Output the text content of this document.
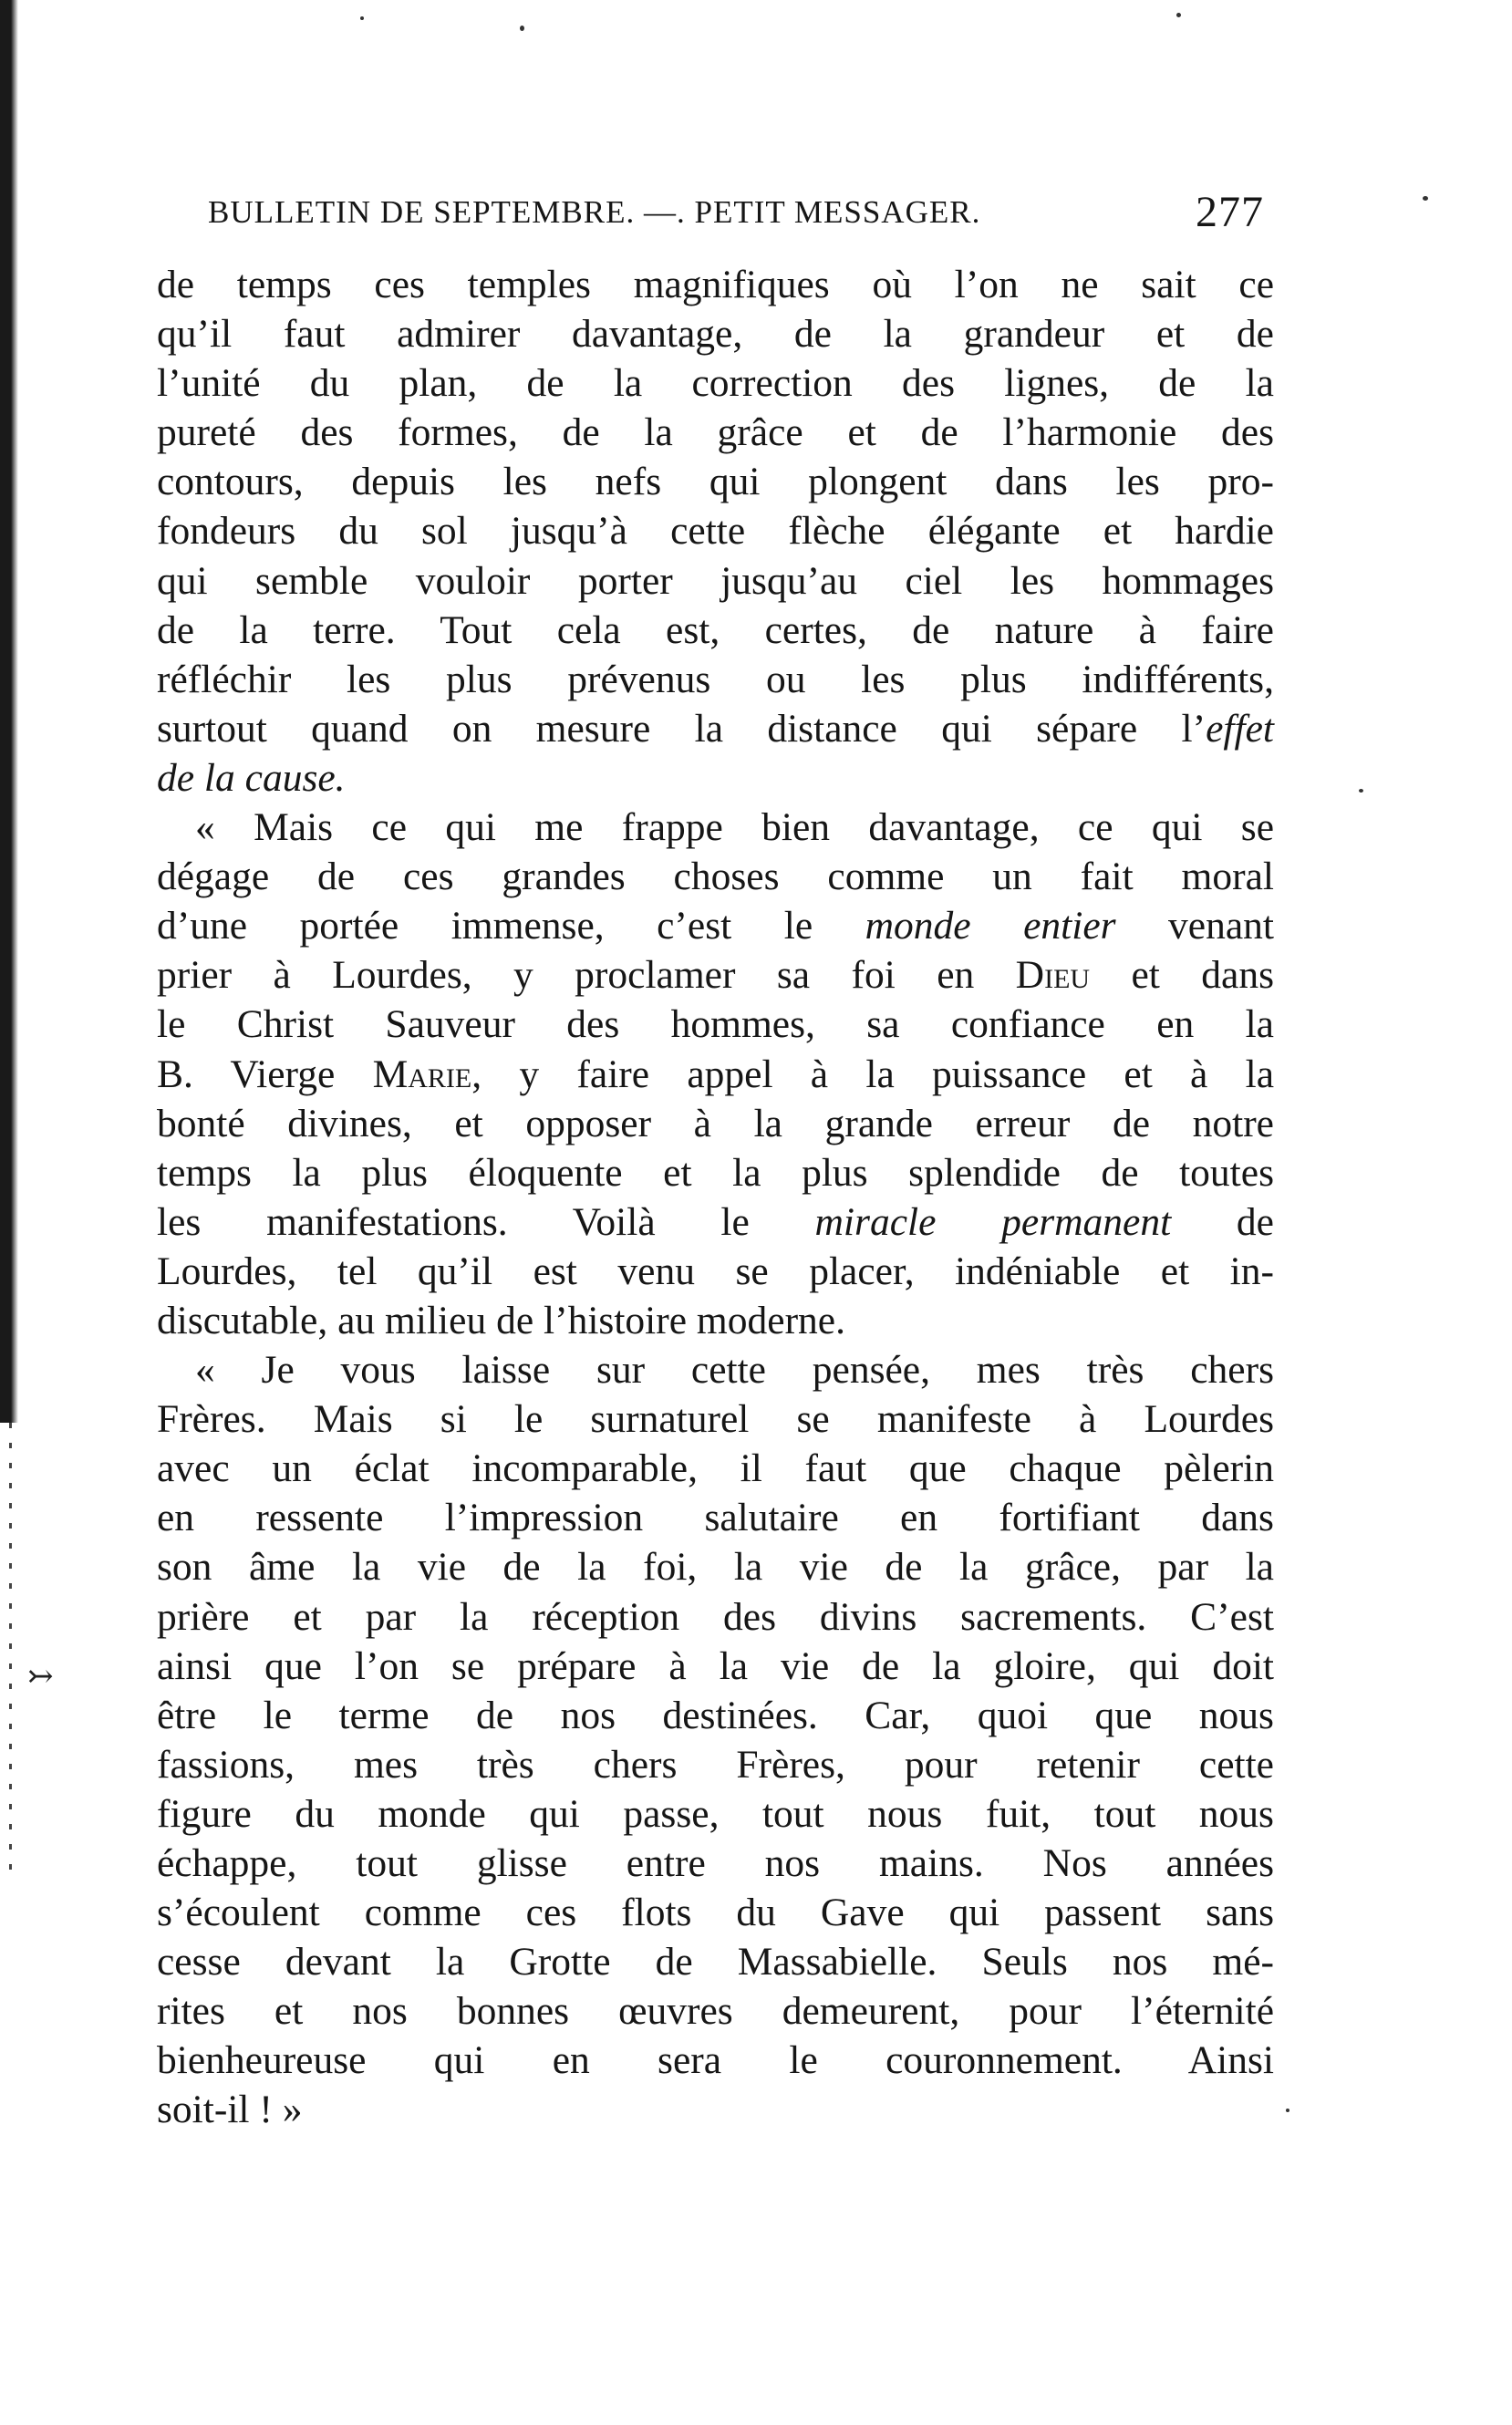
BULLETIN DE SEPTEMBRE. —. PETIT MESSAGER.	277
↣
de temps ces temples magnifiques où l’on ne sait ce
qu’il faut admirer davantage, de la grandeur et de
l’unité du plan, de la correction des lignes, de la
pureté des formes, de la grâce et de l’harmonie des
contours, depuis les nefs qui plongent dans les pro-
fondeurs du sol jusqu’à cette flèche élégante et hardie
qui semble vouloir porter jusqu’au ciel les hommages
de la terre. Tout cela est, certes, de nature à faire
réfléchir les plus prévenus ou les plus indifférents,
surtout quand on mesure la distance qui sépare l’effet
de la cause.
« Mais ce qui me frappe bien davantage, ce qui se
dégage de ces grandes choses comme un fait moral
d’une portée immense, c’est le monde entier venant
prier à Lourdes, y proclamer sa foi en Dieu et dans
le Christ Sauveur des hommes, sa confiance en la
B. Vierge Marie, y faire appel à la puissance et à la
bonté divines, et opposer à la grande erreur de notre
temps la plus éloquente et la plus splendide de toutes
les manifestations. Voilà le miracle permanent de
Lourdes, tel qu’il est venu se placer, indéniable et in-
discutable, au milieu de l’histoire moderne.
« Je vous laisse sur cette pensée, mes très chers
Frères. Mais si le surnaturel se manifeste à Lourdes
avec un éclat incomparable, il faut que chaque pèlerin
en ressente l’impression salutaire en fortifiant dans
son âme la vie de la foi, la vie de la grâce, par la
prière et par la réception des divins sacrements. C’est
ainsi que l’on se prépare à la vie de la gloire, qui doit
être le terme de nos destinées. Car, quoi que nous
fassions, mes très chers Frères, pour retenir cette
figure du monde qui passe, tout nous fuit, tout nous
échappe, tout glisse entre nos mains. Nos années
s’écoulent comme ces flots du Gave qui passent sans
cesse devant la Grotte de Massabielle. Seuls nos mé-
rites et nos bonnes œuvres demeurent, pour l’éternité
bienheureuse qui en sera le couronnement. Ainsi
soit-il ! »
